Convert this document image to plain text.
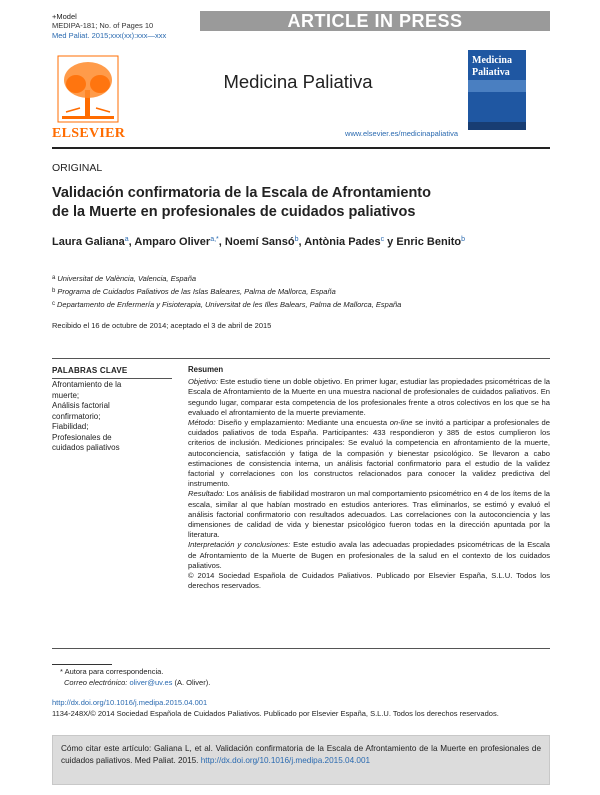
+Model
MEDIPA-181; No. of Pages 10
Med Paliat. 2015;xxx(xx):xxx—xxx
ARTICLE IN PRESS
ELSEVIER
Medicina Paliativa
www.elsevier.es/medicinapaliativa
Medicina
Paliativa
ORIGINAL
Validación confirmatoria de la Escala de Afrontamiento
de la Muerte en profesionales de cuidados paliativos
Laura Galiana$^a$, Amparo Oliver$^{a,*}$, Noemí Sansó$^b$, Antònia Pades$^c$ y Enric Benito$^b$
$^a$ Universitat de València, Valencia, España
$^b$ Programa de Cuidados Paliativos de las Islas Baleares, Palma de Mallorca, España
$^c$ Departamento de Enfermería y Fisioterapia, Universitat de les Illes Balears, Palma de Mallorca, España
Recibido el 16 de octubre de 2014; aceptado el 3 de abril de 2015
PALABRAS CLAVE
Afrontamiento de la
muerte;
Análisis factorial
confirmatorio;
Fiabilidad;
Profesionales de
cuidados paliativos
Resumen

Objetivo: Este estudio tiene un doble objetivo. En primer lugar, estudiar las propiedades psicométricas de la Escala de Afrontamiento de la Muerte en una muestra nacional de profesionales de cuidados paliativos. En segundo lugar, comparar esta competencia de los profesionales frente a otros colectivos en los que se ha evaluado el afrontamiento de la muerte previamente.

Método: Diseño y emplazamiento: Mediante una encuesta on-line se invitó a participar a profesionales de cuidados paliativos de toda España. Participantes: 433 respondieron y 385 de estos cumplieron los criterios de inclusión. Mediciones principales: Se evaluó la competencia en afrontamiento de la muerte, autoconciencia, satisfacción y fatiga de la compasión y bienestar psicológico. Se llevaron a cabo estimaciones de consistencia interna, un análisis factorial confirmatorio para el estudio de la validez factorial y correlaciones con los constructos relacionados para conocer la validez predictiva del instrumento.

Resultado: Los análisis de fiabilidad mostraron un mal comportamiento psicométrico en 4 de los ítems de la escala, similar al que habían mostrado en estudios anteriores. Tras eliminarlos, se estimó y evaluó el análisis factorial confirmatorio con resultados adecuados. Las correlaciones con la autoconciencia y las dimensiones de calidad de vida y bienestar psicológico fueron todas en la dirección apuntada por la literatura.

Interpretación y conclusiones: Este estudio avala las adecuadas propiedades psicométricas de la Escala de Afrontamiento de la Muerte de Bugen en profesionales de la salud en el contexto de los cuidados paliativos.

© 2014 Sociedad Española de Cuidados Paliativos. Publicado por Elsevier España, S.L.U. Todos los derechos reservados.

* Autora para correspondencia.
Correo electrónico: oliver@uv.es (A. Oliver).
http://dx.doi.org/10.1016/j.medipa.2015.04.001
1134-248X/© 2014 Sociedad Española de Cuidados Paliativos. Publicado por Elsevier España, S.L.U. Todos los derechos reservados.
Cómo citar este artículo: Galiana L, et al. Validación confirmatoria de la Escala de Afrontamiento de la Muerte en profesionales de cuidados paliativos. Med Paliat. 2015. http://dx.doi.org/10.1016/j.medipa.2015.04.001
